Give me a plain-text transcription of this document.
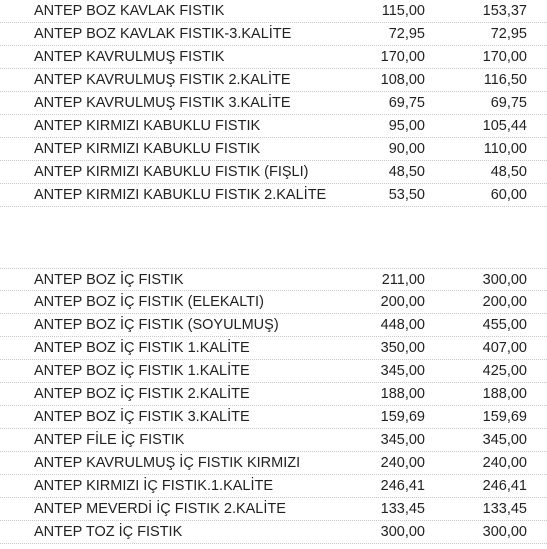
ANTEP BOZ KAVLAK FISTIK	115,00	153,37
ANTEP BOZ KAVLAK FISTIK-3.KALİTE	72,95	72,95
ANTEP KAVRULMUŞ FISTIK	170,00	170,00
ANTEP KAVRULMUŞ FISTIK 2.KALİTE	108,00	116,50
ANTEP KAVRULMUŞ FISTIK 3.KALİTE	69,75	69,75
ANTEP KIRMIZI KABUKLU FISTIK	95,00	105,44
ANTEP KIRMIZI KABUKLU FISTIK	90,00	110,00
ANTEP KIRMIZI KABUKLU FISTIK (FIŞLI)	48,50	48,50
ANTEP KIRMIZI KABUKLU FISTIK 2.KALİTE	53,50	60,00
ANTEP BOZ İÇ FISTIK	211,00	300,00
ANTEP BOZ İÇ FISTIK (ELEKALTI)	200,00	200,00
ANTEP BOZ İÇ FISTIK (SOYULMUŞ)	448,00	455,00
ANTEP BOZ İÇ FISTIK 1.KALİTE	350,00	407,00
ANTEP BOZ İÇ FISTIK 1.KALİTE	345,00	425,00
ANTEP BOZ İÇ FISTIK 2.KALİTE	188,00	188,00
ANTEP BOZ İÇ FISTIK 3.KALİTE	159,69	159,69
ANTEP FİLE İÇ FISTIK	345,00	345,00
ANTEP KAVRULMUŞ İÇ FISTIK KIRMIZI	240,00	240,00
ANTEP KIRMIZI İÇ FISTIK.1.KALİTE	246,41	246,41
ANTEP MEVERDİ İÇ FISTIK 2.KALİTE	133,45	133,45
ANTEP TOZ İÇ FISTIK	300,00	300,00
